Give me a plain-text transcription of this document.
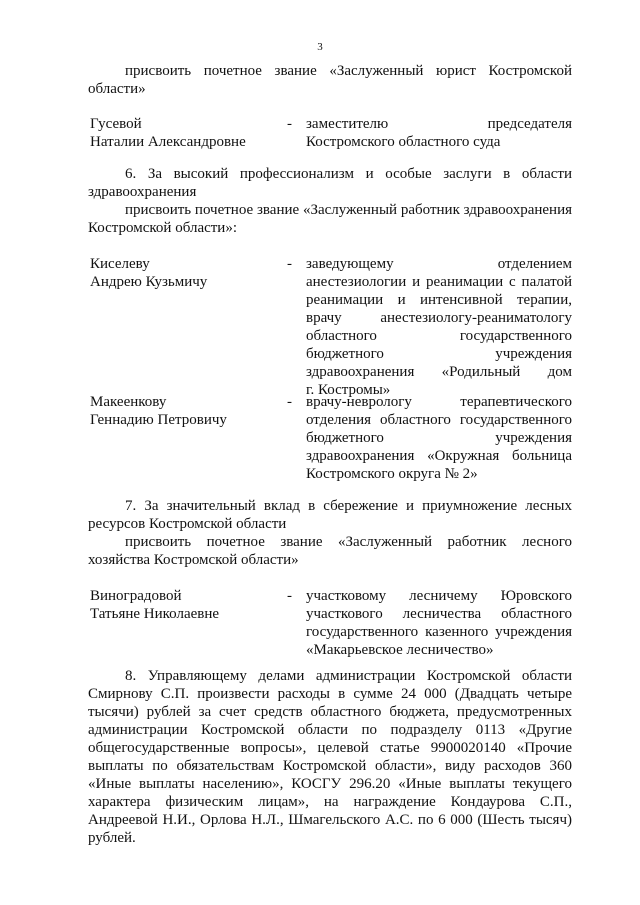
3

присвоить почетное звание «Заслуженный юрист Костромской области»

Гусевой
Наталии Александровне
- заместителю председателя
Костромского областного суда

6. За высокий профессионализм и особые заслуги в области здравоохранения

присвоить почетное звание «Заслуженный работник здравоохранения Костромской области»:

Киселеву
Андрею Кузьмичу
- заведующему отделением
анестезиологии и реанимации с палатой
реанимации и интенсивной терапии,
врачу анестезиологу-реаниматологу
областного государственного
бюджетного учреждения
здравоохранения «Родильный дом
г. Костромы»
Макеенкову
Геннадию Петровичу
- врачу-неврологу терапевтического
отделения областного государственного
бюджетного учреждения
здравоохранения «Окружная больница
Костромского округа № 2»

7. За значительный вклад в сбережение и приумножение лесных ресурсов Костромской области

присвоить почетное звание «Заслуженный работник лесного хозяйства Костромской области»

Виноградовой
Татьяне Николаевне
- участковому лесничему Юровского
участкового лесничества областного
государственного казенного учреждения
«Макарьевское лесничество»

8. Управляющему делами администрации Костромской области Смирнову С.П. произвести расходы в сумме 24 000 (Двадцать четыре тысячи) рублей за счет средств областного бюджета, предусмотренных администрации Костромской области по подразделу 0113 «Другие общегосударственные вопросы», целевой статье 9900020140 «Прочие выплаты по обязательствам Костромской области», виду расходов 360 «Иные выплаты населению», КОСГУ 296.20 «Иные выплаты текущего характера физическим лицам», на награждение Кондаурова С.П., Андреевой Н.И., Орлова Н.Л., Шмагельского А.С. по 6 000 (Шесть тысяч) рублей.
